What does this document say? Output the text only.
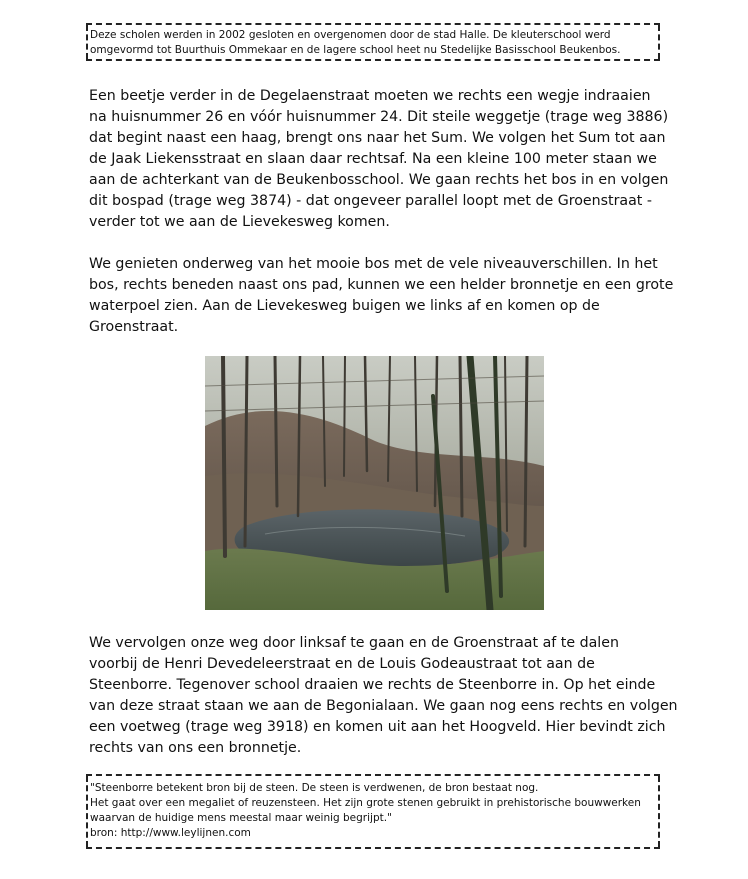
Deze scholen werden in 2002 gesloten en overgenomen door de stad Halle. De kleuterschool werd
omgevormd tot Buurthuis Ommekaar en de lagere school heet nu Stedelijke Basisschool Beukenbos.

Een beetje verder in de Degelaenstraat moeten we rechts een wegje indraaien
na huisnummer 26 en vóór huisnummer 24. Dit steile weggetje (trage weg 3886)
dat begint naast een haag, brengt ons naar het Sum. We volgen het Sum tot aan
de Jaak Liekensstraat en slaan daar rechtsaf. Na een kleine 100 meter staan we
aan de achterkant van de Beukenbosschool. We gaan rechts het bos in en volgen
dit bospad (trage weg 3874) - dat ongeveer parallel loopt met de Groenstraat -
verder tot we aan de Lievekesweg komen.

We genieten onderweg van het mooie bos met de vele niveauverschillen. In het
bos, rechts beneden naast ons pad, kunnen we een helder bronnetje en een grote
waterpoel zien. Aan de Lievekesweg buigen we links af en komen op de
Groenstraat.

We vervolgen onze weg door linksaf te gaan en de Groenstraat af te dalen
voorbij de Henri Devedeleerstraat en de Louis Godeaustraat tot aan de
Steenborre. Tegenover school draaien we rechts de Steenborre in. Op het einde
van deze straat staan we aan de Begonialaan. We gaan nog eens rechts en volgen
een voetweg (trage weg 3918) en komen uit aan het Hoogveld. Hier bevindt zich
rechts van ons een bronnetje.

"Steenborre betekent bron bij de steen. De steen is verdwenen, de bron bestaat nog.
Het gaat over een megaliet of reuzensteen. Het zijn grote stenen gebruikt in prehistorische bouwwerken
waarvan de huidige mens meestal maar weinig begrijpt."
bron: http://www.leylijnen.com
